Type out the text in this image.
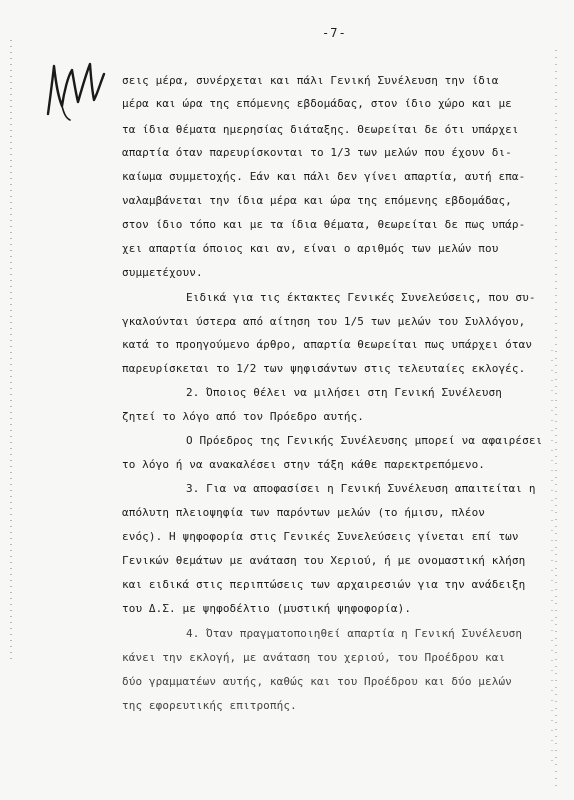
-7-
σεις μέρα, συνέρχεται και πάλι Γενική Συνέλευση την ίδια
μέρα και ώρα της επόμενης εβδομάδας, στον ίδιο χώρο και με
τα ίδια θέματα ημερησίας διάταξης. Θεωρείται δε ότι υπάρχει
απαρτία όταν παρευρίσκονται το 1/3 των μελών που έχουν δι-
καίωμα συμμετοχής. Εάν και πάλι δεν γίνει απαρτία, αυτή επα-
ναλαμβάνεται την ίδια μέρα και ώρα της επόμενης εβδομάδας,
στον ίδιο τόπο και με τα ίδια θέματα, θεωρείται δε πως υπάρ-
χει απαρτία όποιος και αν, είναι ο αριθμός των μελών που
συμμετέχουν.
Ειδικά για τις έκτακτες Γενικές Συνελεύσεις, που συ-
γκαλούνται ύστερα από αίτηση του 1/5 των μελών του Συλλόγου,
κατά το προηγούμενο άρθρο, απαρτία θεωρείται πως υπάρχει όταν
παρευρίσκεται το 1/2 των ψηφισάντων στις τελευταίες εκλογές.
2. Όποιος θέλει να μιλήσει στη Γενική Συνέλευση
ζητεί το λόγο από τον Πρόεδρο αυτής.
Ο Πρόεδρος της Γενικής Συνέλευσης μπορεί να αφαιρέσει
το λόγο ή να ανακαλέσει στην τάξη κάθε παρεκτρεπόμενο.
3. Για να αποφασίσει η Γενική Συνέλευση απαιτείται η
απόλυτη πλειοψηφία των παρόντων μελών (το ήμισυ, πλέον
ενός). Η ψηφοφορία στις Γενικές Συνελεύσεις γίνεται επί των
Γενικών θεμάτων με ανάταση του Χεριού, ή με ονομαστική κλήση
και ειδικά στις περιπτώσεις των αρχαιρεσιών για την ανάδειξη
του Δ.Σ. με ψηφοδέλτιο (μυστική ψηφοφορία).
4. Όταν πραγματοποιηθεί απαρτία η Γενική Συνέλευση
κάνει την εκλογή, με ανάταση του χεριού, του Προέδρου και
δύο γραμματέων αυτής, καθώς και του Προέδρου και δύο μελών
της εφορευτικής επιτροπής.
